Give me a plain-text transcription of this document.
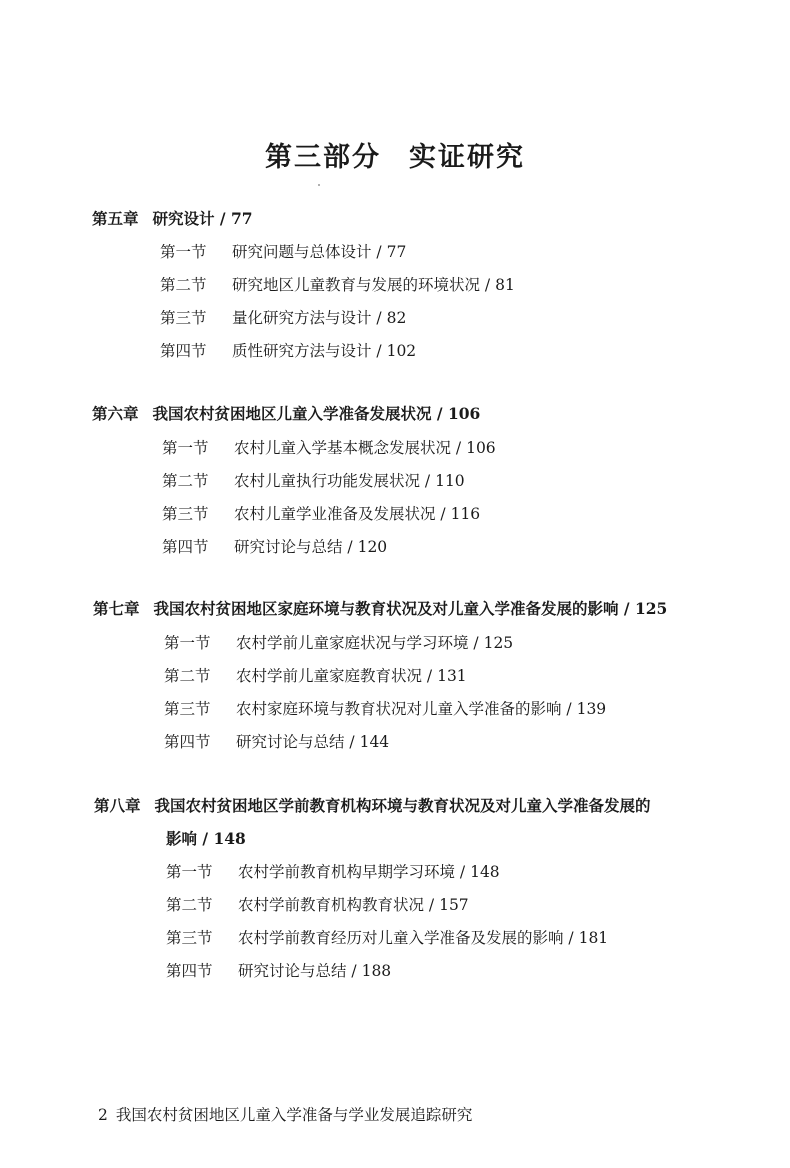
第三部分 实证研究
第五章 研究设计 / 77
第一节 研究问题与总体设计 / 77
第二节 研究地区儿童教育与发展的环境状况 / 81
第三节 量化研究方法与设计 / 82
第四节 质性研究方法与设计 / 102
第六章 我国农村贫困地区儿童入学准备发展状况 / 106
第一节 农村儿童入学基本概念发展状况 / 106
第二节 农村儿童执行功能发展状况 / 110
第三节 农村儿童学业准备及发展状况 / 116
第四节 研究讨论与总结 / 120
第七章 我国农村贫困地区家庭环境与教育状况及对儿童入学准备发展的影响 / 125
第一节 农村学前儿童家庭状况与学习环境 / 125
第二节 农村学前儿童家庭教育状况 / 131
第三节 农村家庭环境与教育状况对儿童入学准备的影响 / 139
第四节 研究讨论与总结 / 144
第八章 我国农村贫困地区学前教育机构环境与教育状况及对儿童入学准备发展的
影响 / 148
第一节 农村学前教育机构早期学习环境 / 148
第二节 农村学前教育机构教育状况 / 157
第三节 农村学前教育经历对儿童入学准备及发展的影响 / 181
第四节 研究讨论与总结 / 188
2 我国农村贫困地区儿童入学准备与学业发展追踪研究
